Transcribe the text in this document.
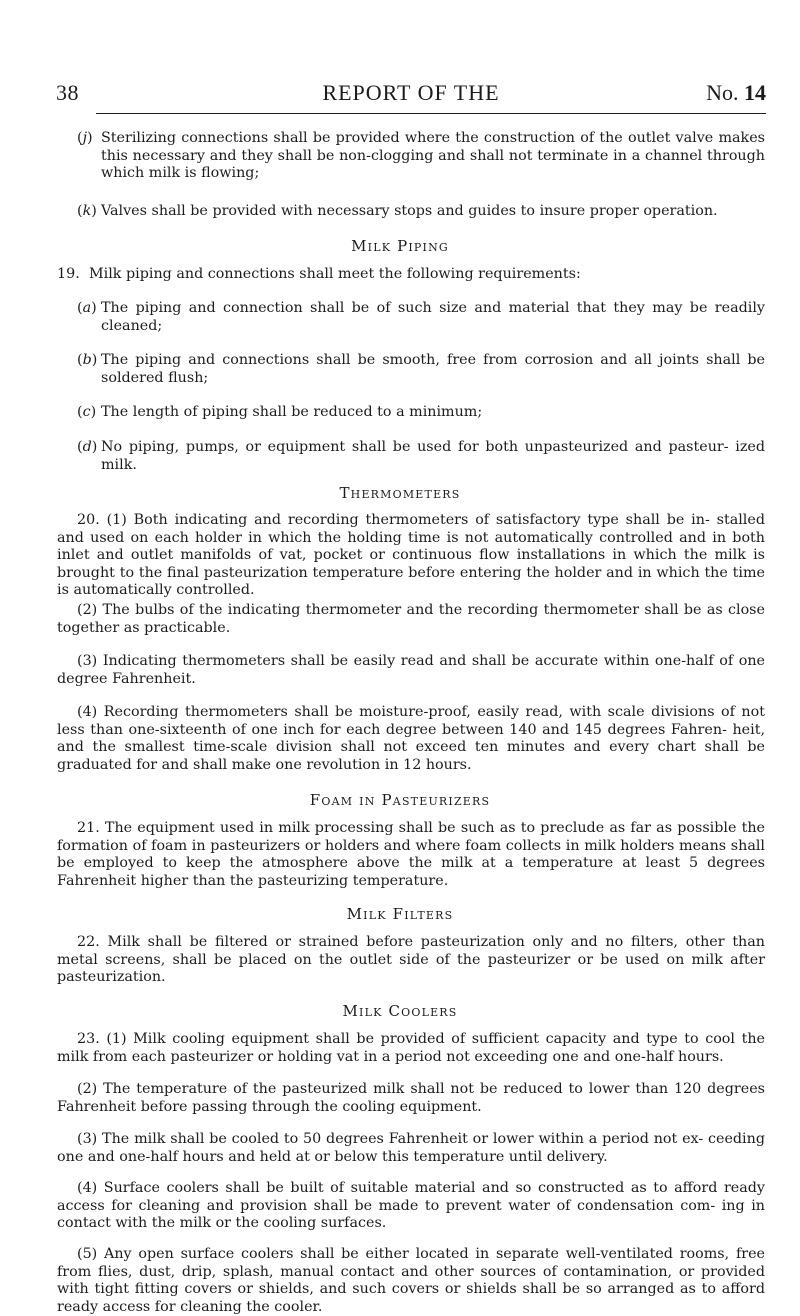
38	REPORT OF THE	No. 14
(j) Sterilizing connections shall be provided where the construction of the outlet valve makes this necessary and they shall be non-clogging and shall not terminate in a channel through which milk is flowing;
(k) Valves shall be provided with necessary stops and guides to insure proper operation.
Milk Piping
19. Milk piping and connections shall meet the following requirements:
(a) The piping and connection shall be of such size and material that they may be readily cleaned;
(b) The piping and connections shall be smooth, free from corrosion and all joints shall be soldered flush;
(c) The length of piping shall be reduced to a minimum;
(d) No piping, pumps, or equipment shall be used for both unpasteurized and pasteur- ized milk.
Thermometers
20. (1) Both indicating and recording thermometers of satisfactory type shall be in- stalled and used on each holder in which the holding time is not automatically controlled and in both inlet and outlet manifolds of vat, pocket or continuous flow installations in which the milk is brought to the final pasteurization temperature before entering the holder and in which the time is automatically controlled.
(2) The bulbs of the indicating thermometer and the recording thermometer shall be as close together as practicable.
(3) Indicating thermometers shall be easily read and shall be accurate within one-half of one degree Fahrenheit.
(4) Recording thermometers shall be moisture-proof, easily read, with scale divisions of not less than one-sixteenth of one inch for each degree between 140 and 145 degrees Fahren- heit, and the smallest time-scale division shall not exceed ten minutes and every chart shall be graduated for and shall make one revolution in 12 hours.
Foam in Pasteurizers
21. The equipment used in milk processing shall be such as to preclude as far as possible the formation of foam in pasteurizers or holders and where foam collects in milk holders means shall be employed to keep the atmosphere above the milk at a temperature at least 5 degrees Fahrenheit higher than the pasteurizing temperature.
Milk Filters
22. Milk shall be filtered or strained before pasteurization only and no filters, other than metal screens, shall be placed on the outlet side of the pasteurizer or be used on milk after pasteurization.
Milk Coolers
23. (1) Milk cooling equipment shall be provided of sufficient capacity and type to cool the milk from each pasteurizer or holding vat in a period not exceeding one and one-half hours.
(2) The temperature of the pasteurized milk shall not be reduced to lower than 120 degrees Fahrenheit before passing through the cooling equipment.
(3) The milk shall be cooled to 50 degrees Fahrenheit or lower within a period not ex- ceeding one and one-half hours and held at or below this temperature until delivery.
(4) Surface coolers shall be built of suitable material and so constructed as to afford ready access for cleaning and provision shall be made to prevent water of condensation com- ing in contact with the milk or the cooling surfaces.
(5) Any open surface coolers shall be either located in separate well-ventilated rooms, free from flies, dust, drip, splash, manual contact and other sources of contamination, or provided with tight fitting covers or shields, and such covers or shields shall be so arranged as to afford ready access for cleaning the cooler.
